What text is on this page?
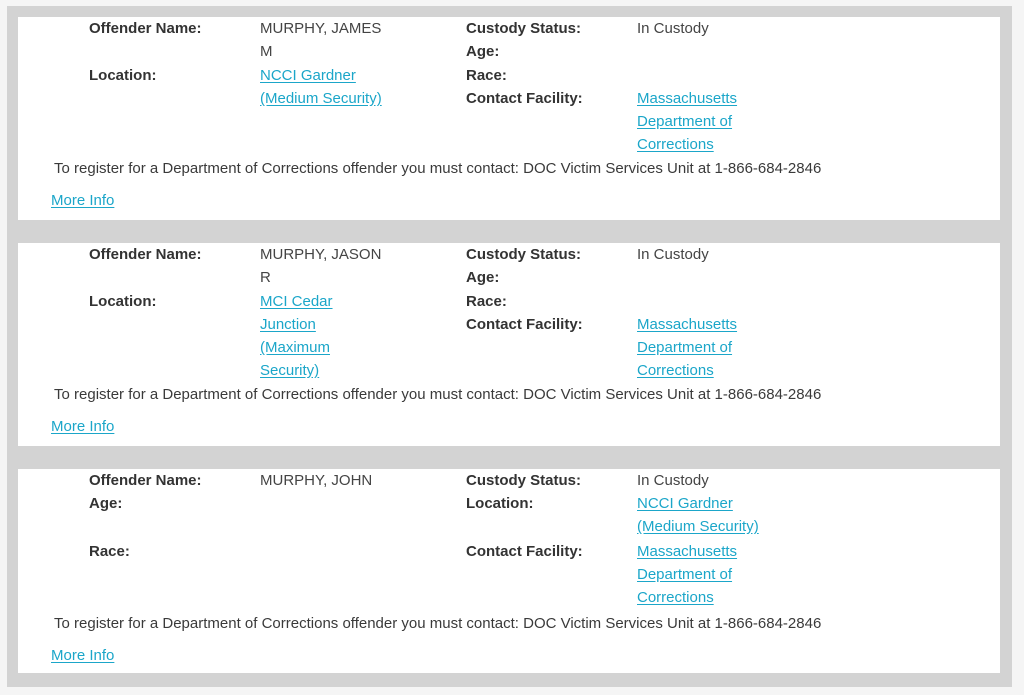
Offender Name:	MURPHY, JAMES
M
Location:	NCCI Gardner
(Medium Security)
Custody Status:	In Custody
Age:
Race:
Contact Facility:	Massachusetts
Department of
Corrections
To register for a Department of Corrections offender you must contact: DOC Victim Services Unit at 1-866-684-2846
More Info
Offender Name:	MURPHY, JASON
R
Location:	MCI Cedar
Junction
(Maximum
Security)
Custody Status:	In Custody
Age:
Race:
Contact Facility:	Massachusetts
Department of
Corrections
To register for a Department of Corrections offender you must contact: DOC Victim Services Unit at 1-866-684-2846
More Info
Offender Name:	MURPHY, JOHN
Age:
Race:
Custody Status:	In Custody
Location:	NCCI Gardner
(Medium Security)
Contact Facility:	Massachusetts
Department of
Corrections
To register for a Department of Corrections offender you must contact: DOC Victim Services Unit at 1-866-684-2846
More Info
